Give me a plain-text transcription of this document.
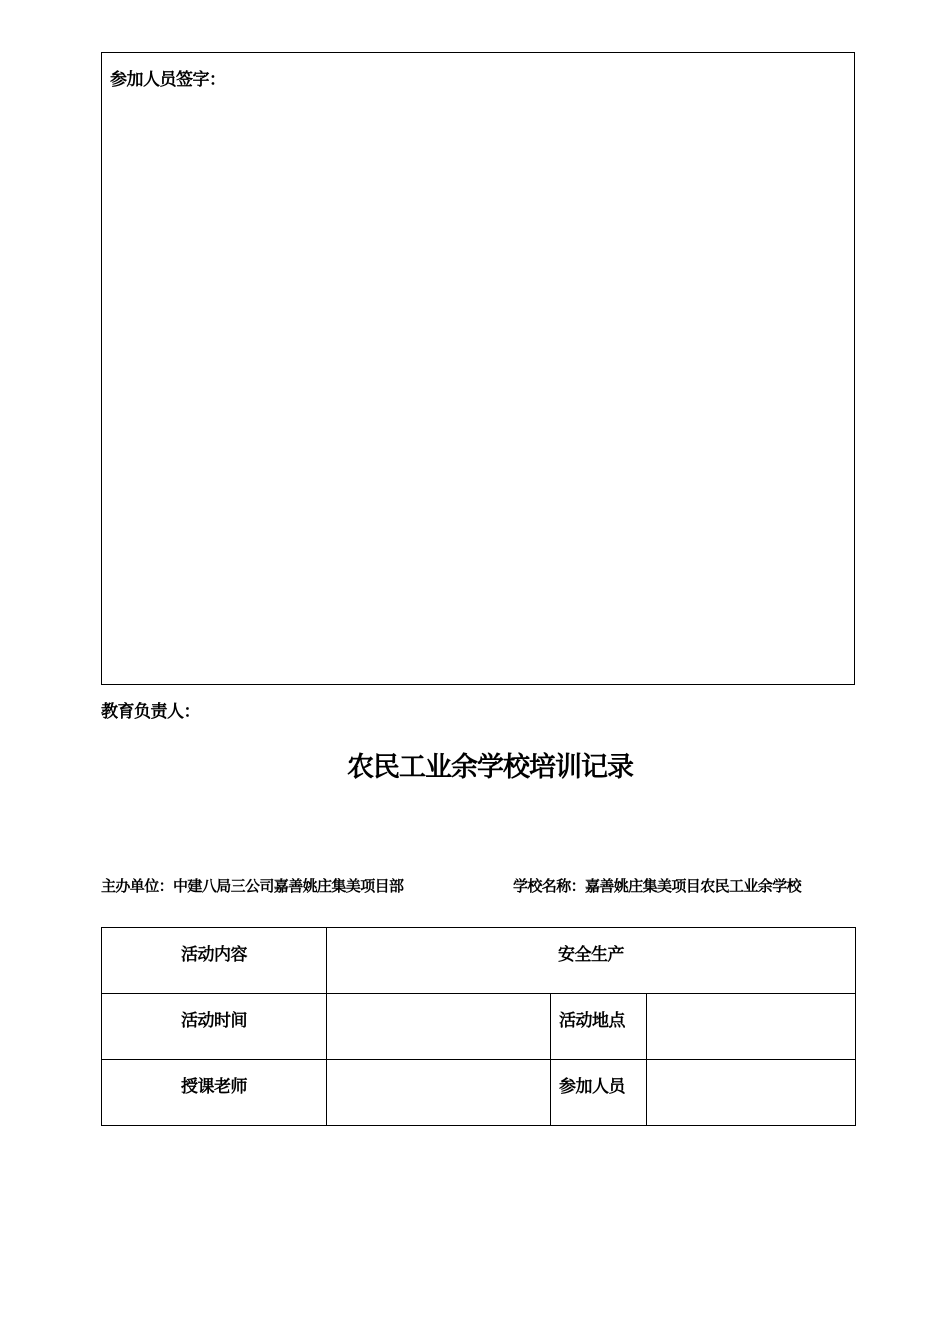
参加人员签字：
教育负责人：
农民工业余学校培训记录
主办单位：中建八局三公司嘉善姚庄集美项目部	学校名称：嘉善姚庄集美项目农民工业余学校
活动内容	安全生产		
活动时间		活动地点	
授课老师		参加人员	
